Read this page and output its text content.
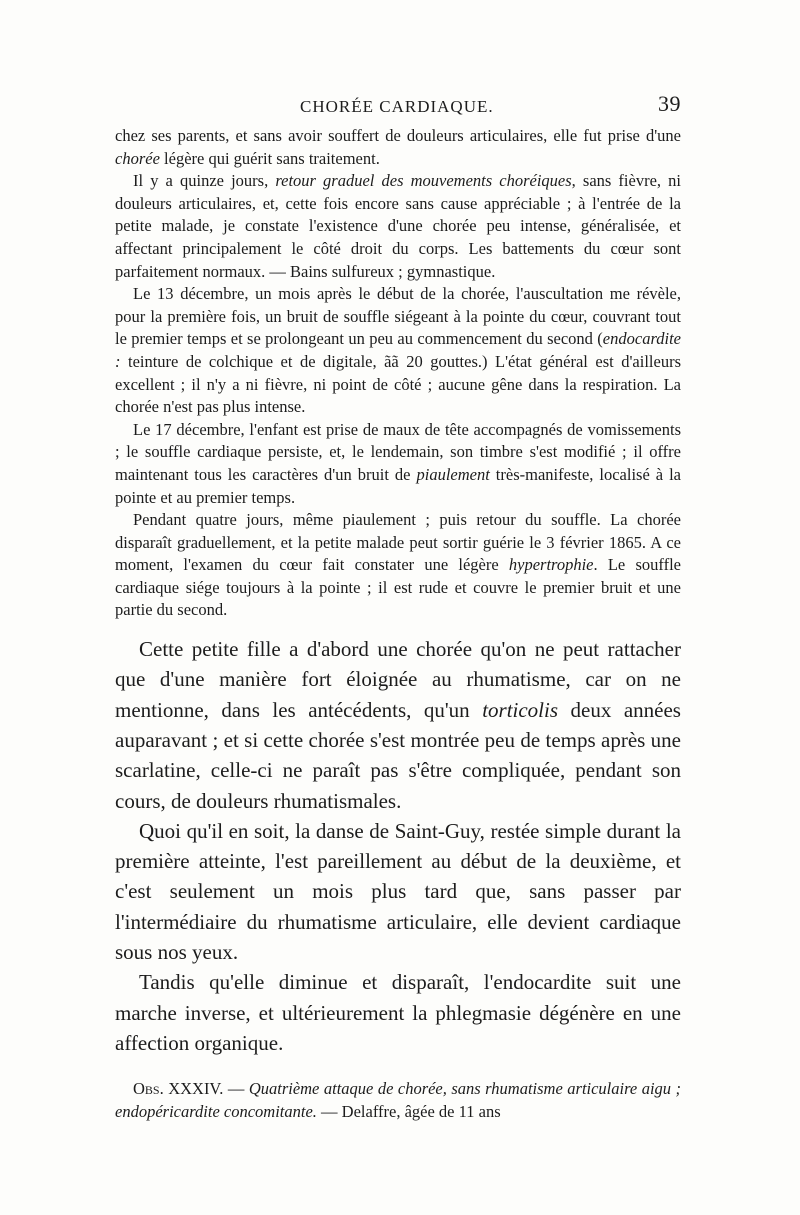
CHORÉE CARDIAQUE.	39

chez ses parents, et sans avoir souffert de douleurs articulaires, elle fut prise d'une chorée légère qui guérit sans traitement.

Il y a quinze jours, retour graduel des mouvements choréiques, sans fièvre, ni douleurs articulaires, et, cette fois encore sans cause appréciable ; à l'entrée de la petite malade, je constate l'existence d'une chorée peu intense, généralisée, et affectant principalement le côté droit du corps. Les battements du cœur sont parfaitement normaux. — Bains sulfureux ; gymnastique.

Le 13 décembre, un mois après le début de la chorée, l'auscultation me révèle, pour la première fois, un bruit de souffle siégeant à la pointe du cœur, couvrant tout le premier temps et se prolongeant un peu au commencement du second (endocardite : teinture de colchique et de digitale, ãã 20 gouttes.) L'état général est d'ailleurs excellent ; il n'y a ni fièvre, ni point de côté ; aucune gêne dans la respiration. La chorée n'est pas plus intense.

Le 17 décembre, l'enfant est prise de maux de tête accompagnés de vomissements ; le souffle cardiaque persiste, et, le lendemain, son timbre s'est modifié ; il offre maintenant tous les caractères d'un bruit de piaulement très-manifeste, localisé à la pointe et au premier temps.

Pendant quatre jours, même piaulement ; puis retour du souffle. La chorée disparaît graduellement, et la petite malade peut sortir guérie le 3 février 1865. A ce moment, l'examen du cœur fait constater une légère hypertrophie. Le souffle cardiaque siége toujours à la pointe ; il est rude et couvre le premier bruit et une partie du second.

Cette petite fille a d'abord une chorée qu'on ne peut rattacher que d'une manière fort éloignée au rhumatisme, car on ne mentionne, dans les antécédents, qu'un torticolis deux années auparavant ; et si cette chorée s'est montrée peu de temps après une scarlatine, celle-ci ne paraît pas s'être compliquée, pendant son cours, de douleurs rhumatismales.

Quoi qu'il en soit, la danse de Saint-Guy, restée simple durant la première atteinte, l'est pareillement au début de la deuxième, et c'est seulement un mois plus tard que, sans passer par l'intermédiaire du rhumatisme articulaire, elle devient cardiaque sous nos yeux.

Tandis qu'elle diminue et disparaît, l'endocardite suit une marche inverse, et ultérieurement la phlegmasie dégénère en une affection organique.

Obs. XXXIV. — Quatrième attaque de chorée, sans rhumatisme articulaire aigu ; endopéricardite concomitante. — Delaffre, âgée de 11 ans
